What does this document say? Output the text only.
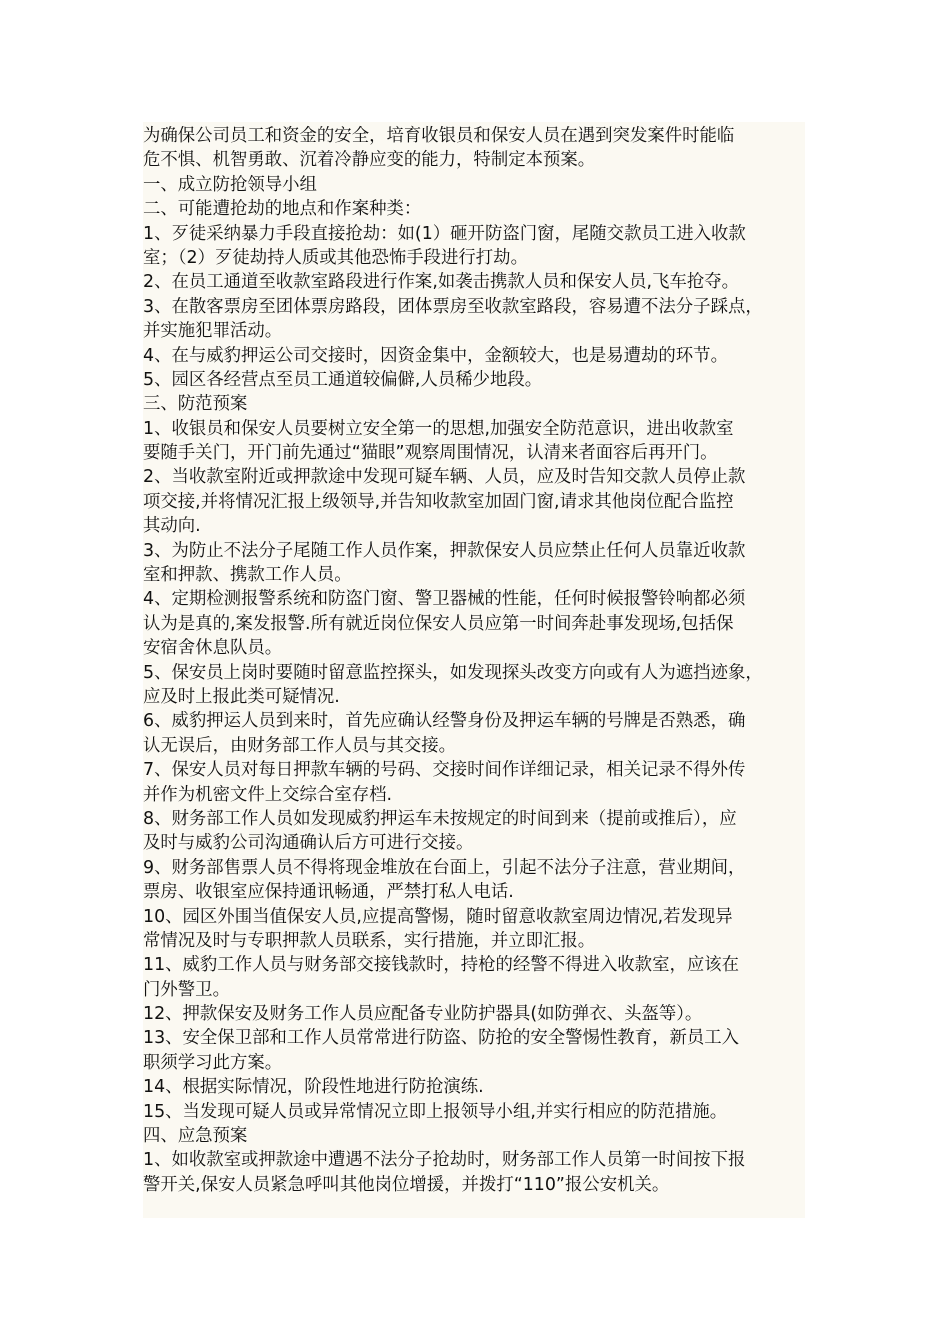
为确保公司员工和资金的安全，培育收银员和保安人员在遇到突发案件时能临
危不惧、机智勇敢、沉着冷静应变的能力，特制定本预案。
一、成立防抢领导小组
二、可能遭抢劫的地点和作案种类：
1、歹徒采纳暴力手段直接抢劫：如(1）砸开防盗门窗，尾随交款员工进入收款
室；（2）歹徒劫持人质或其他恐怖手段进行打劫。
2、在员工通道至收款室路段进行作案,如袭击携款人员和保安人员,飞车抢夺。
3、在散客票房至团体票房路段，团体票房至收款室路段，容易遭不法分子踩点，
并实施犯罪活动。
4、在与威豹押运公司交接时，因资金集中，金额较大，也是易遭劫的环节。
5、园区各经营点至员工通道较偏僻,人员稀少地段。
三、防范预案
1、收银员和保安人员要树立安全第一的思想,加强安全防范意识，进出收款室
要随手关门，开门前先通过“猫眼”观察周围情况，认清来者面容后再开门。
2、当收款室附近或押款途中发现可疑车辆、人员，应及时告知交款人员停止款
项交接,并将情况汇报上级领导,并告知收款室加固门窗,请求其他岗位配合监控
其动向.
3、为防止不法分子尾随工作人员作案，押款保安人员应禁止任何人员靠近收款
室和押款、携款工作人员。
4、定期检测报警系统和防盗门窗、警卫器械的性能，任何时候报警铃响都必须
认为是真的,案发报警.所有就近岗位保安人员应第一时间奔赴事发现场,包括保
安宿舍休息队员。
5、保安员上岗时要随时留意监控探头，如发现探头改变方向或有人为遮挡迹象，
应及时上报此类可疑情况.
6、威豹押运人员到来时，首先应确认经警身份及押运车辆的号牌是否熟悉，确
认无误后，由财务部工作人员与其交接。
7、保安人员对每日押款车辆的号码、交接时间作详细记录，相关记录不得外传
并作为机密文件上交综合室存档.
8、财务部工作人员如发现威豹押运车未按规定的时间到来（提前或推后），应
及时与威豹公司沟通确认后方可进行交接。
9、财务部售票人员不得将现金堆放在台面上，引起不法分子注意，营业期间，
票房、收银室应保持通讯畅通，严禁打私人电话.
10、园区外围当值保安人员,应提高警惕，随时留意收款室周边情况,若发现异
常情况及时与专职押款人员联系，实行措施，并立即汇报。
11、威豹工作人员与财务部交接钱款时，持枪的经警不得进入收款室，应该在
门外警卫。
12、押款保安及财务工作人员应配备专业防护器具(如防弹衣、头盔等）。
13、安全保卫部和工作人员常常进行防盗、防抢的安全警惕性教育，新员工入
职须学习此方案。
14、根据实际情况，阶段性地进行防抢演练.
15、当发现可疑人员或异常情况立即上报领导小组,并实行相应的防范措施。
四、应急预案
1、如收款室或押款途中遭遇不法分子抢劫时，财务部工作人员第一时间按下报
警开关,保安人员紧急呼叫其他岗位增援，并拨打“110”报公安机关。
